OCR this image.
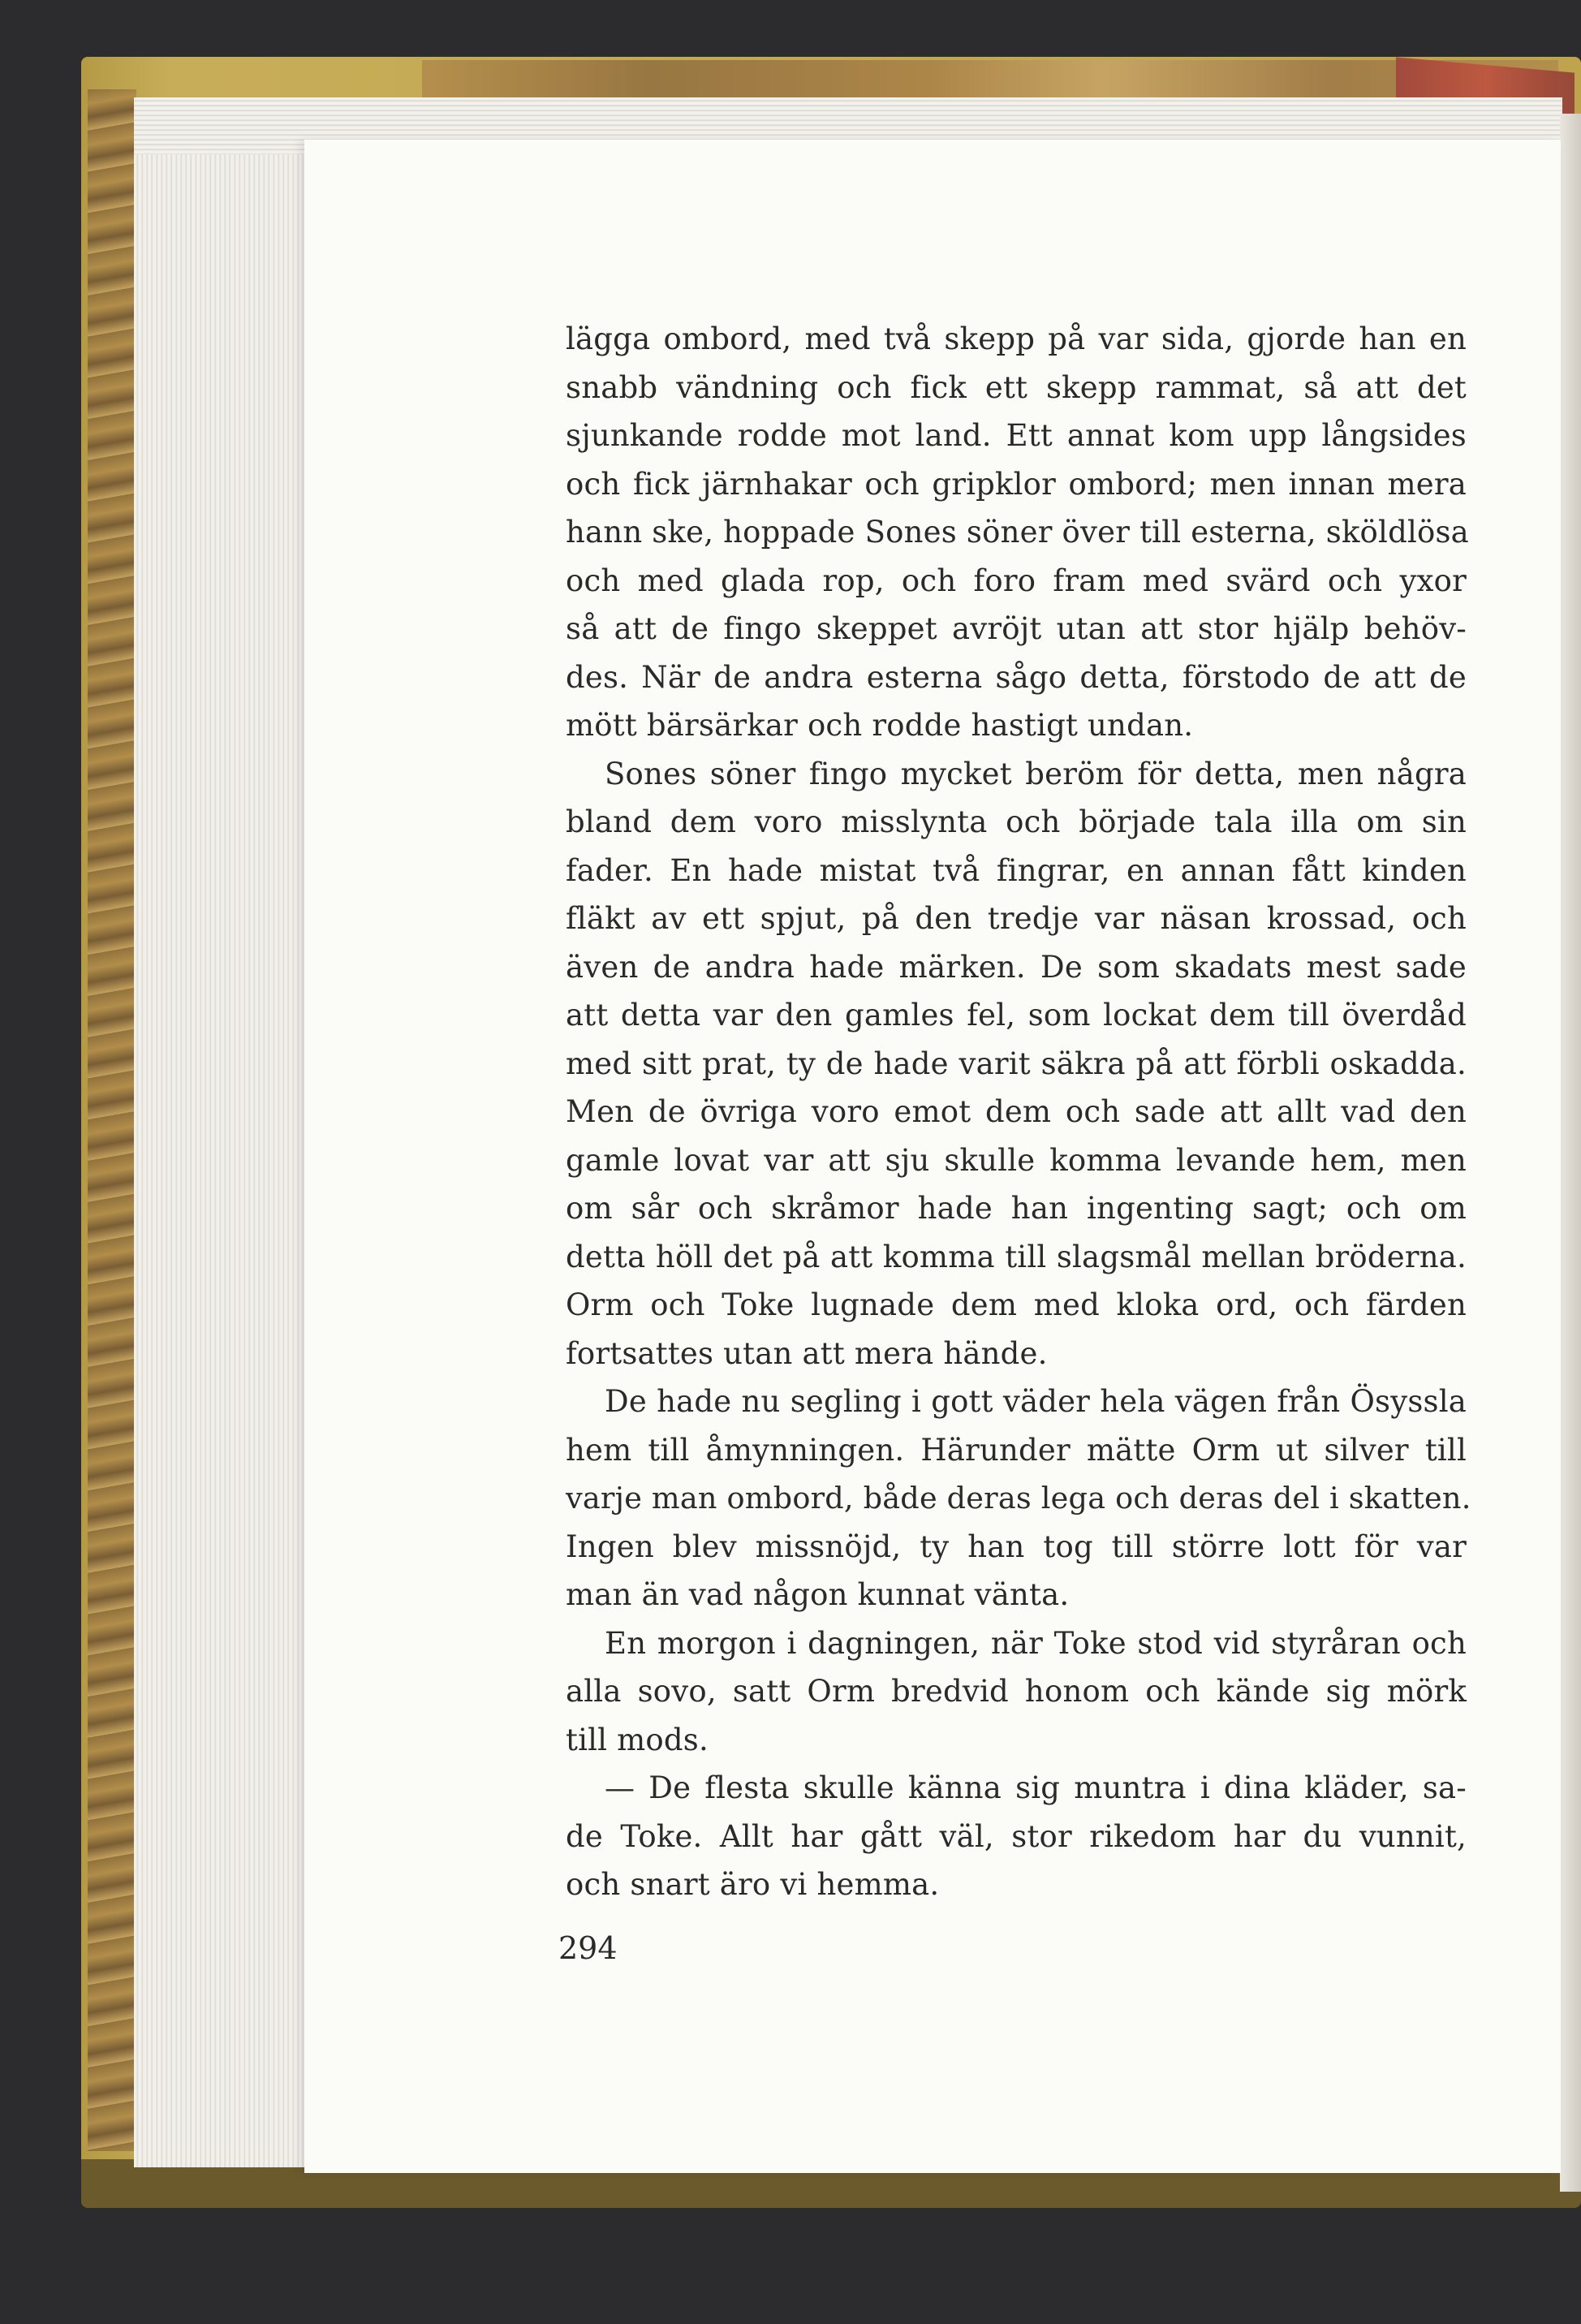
lägga ombord, med två skepp på var sida, gjorde han en
snabb vändning och fick ett skepp rammat, så att det
sjunkande rodde mot land. Ett annat kom upp långsides
och fick järnhakar och gripklor ombord; men innan mera
hann ske, hoppade Sones söner över till esterna, sköldlösa
och med glada rop, och foro fram med svärd och yxor
så att de fingo skeppet avröjt utan att stor hjälp behöv-
des. När de andra esterna sågo detta, förstodo de att de
mött bärsärkar och rodde hastigt undan.
Sones söner fingo mycket beröm för detta, men några
bland dem voro misslynta och började tala illa om sin
fader. En hade mistat två fingrar, en annan fått kinden
fläkt av ett spjut, på den tredje var näsan krossad, och
även de andra hade märken. De som skadats mest sade
att detta var den gamles fel, som lockat dem till överdåd
med sitt prat, ty de hade varit säkra på att förbli oskadda.
Men de övriga voro emot dem och sade att allt vad den
gamle lovat var att sju skulle komma levande hem, men
om sår och skråmor hade han ingenting sagt; och om
detta höll det på att komma till slagsmål mellan bröderna.
Orm och Toke lugnade dem med kloka ord, och färden
fortsattes utan att mera hände.
De hade nu segling i gott väder hela vägen från Ösyssla
hem till åmynningen. Härunder mätte Orm ut silver till
varje man ombord, både deras lega och deras del i skatten.
Ingen blev missnöjd, ty han tog till större lott för var
man än vad någon kunnat vänta.
En morgon i dagningen, när Toke stod vid styråran och
alla sovo, satt Orm bredvid honom och kände sig mörk
till mods.
— De flesta skulle känna sig muntra i dina kläder, sa-
de Toke. Allt har gått väl, stor rikedom har du vunnit,
och snart äro vi hemma.
294
